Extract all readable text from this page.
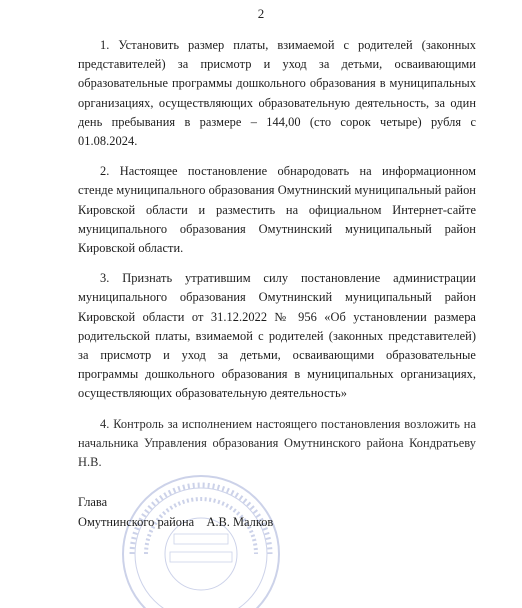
2

1. Установить размер платы, взимаемой с родителей (законных представителей) за присмотр и уход за детьми, осваивающими образовательные программы дошкольного образования в муниципальных организациях, осуществляющих образовательную деятельность, за один день пребывания в размере – 144,00 (сто сорок четыре) рубля с 01.08.2024.

2. Настоящее постановление обнародовать на информационном стенде муниципального образования Омутнинский муниципальный район Кировской области и разместить на официальном Интернет-сайте муниципального образования Омутнинский муниципальный район Кировской области.

3. Признать утратившим силу постановление администрации муниципального образования Омутнинский муниципальный район Кировской области от 31.12.2022 № 956 «Об установлении размера родительской платы, взимаемой с родителей (законных представителей) за присмотр и уход за детьми, осваивающими образовательные программы дошкольного образования в муниципальных организациях, осуществляющих образовательную деятельность»

4. Контроль за исполнением настоящего постановления возложить на начальника Управления образования Омутнинского района Кондратьеву Н.В.

Глава
Омутнинского района А.В. Малков
